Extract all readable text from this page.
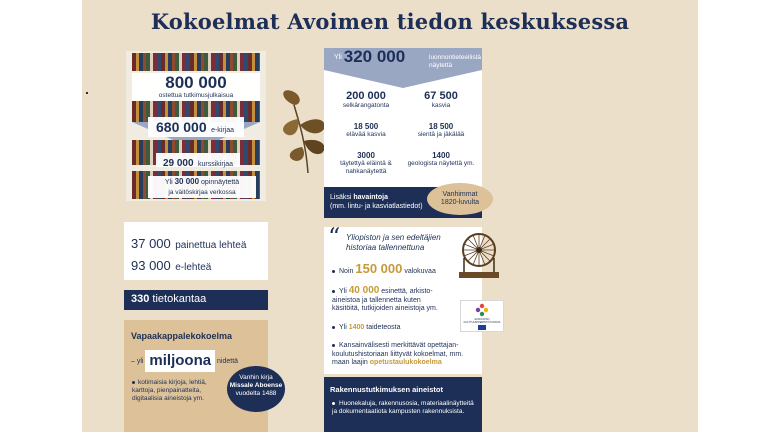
Kokoelmat Avoimen tiedon keskuksessa
800 000
ostettua tutkimusjulkaisua
680 000 e-kirjaa
29 000 kurssikirjaa
Yli 30 000 opinnäytettä
ja väitöskirjaa verkossa
37 000 painettua lehteä
93 000 e-lehteä
330 tietokantaa
Vapaakappalekokoelma
– yli miljoona nidettä
kotimaisia kirjoja, lehtiä, karttoja, pienpainatteita, digitaalisia aineistoja ym.
Vanhin kirja
Missale Aboense
vuodelta 1488
Yli 320 000	luonnontieteellistä
näytettä
200 000
selkärangatonta
67 500
kasvia
18 500
elävää kasvia
18 500
sientä ja jäkälää
3000
täytettyä eläintä & nahkanäytettä
1400
geologista näytettä ym.
Lisäksi havaintoja
(mm. lintu- ja kasviatlastiedot)
Vanhimmat
1820-luvulta
“ Yliopiston ja sen edeltäjien historiaa tallennettuna
Noin 150 000 valokuvaa
Yli 40 000 esinettä, arkisto-aineistoa ja tallennetta kuten käsitöitä, tutkijoiden aineistoja ym.
Yli 1400 taideteosta
Kansainvälisesti merkittävät opettajan-koulutushistoriaan liittyvät kokoelmat, mm. maan laajin opetustaulukokoelma
EUROOPAN KULTTUURIPERINTÖTUNNUS
Rakennustutkimuksen aineistot
Huonekaluja, rakennusosia, materiaalinäytteitä ja dokumentaatiota kampusten rakennuksista.
